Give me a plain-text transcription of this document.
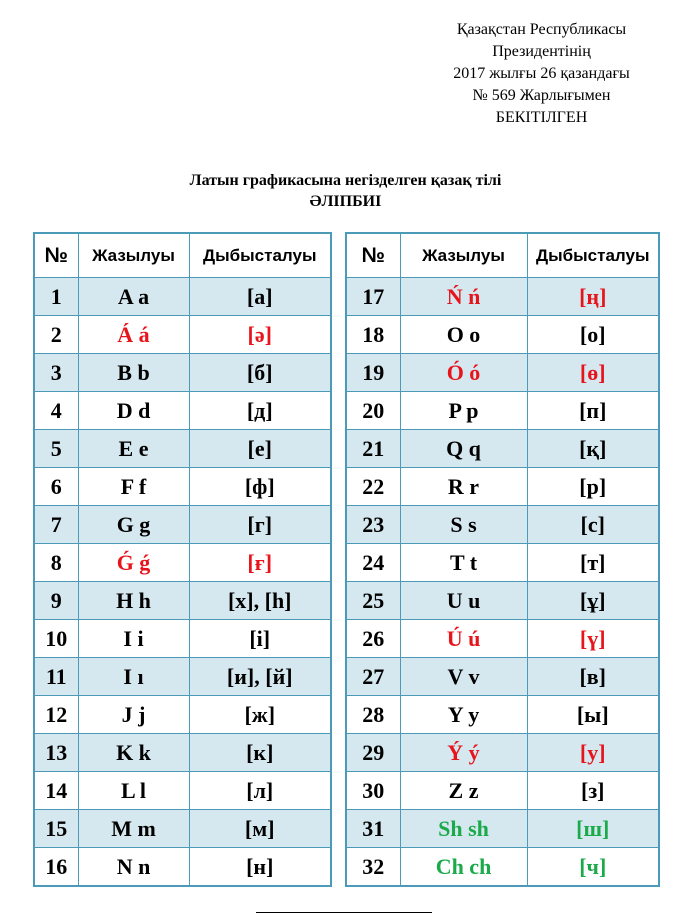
Қазақстан Республикасы
Президентінің
2017 жылғы 26 қазандағы
№ 569 Жарлығымен
БЕКІТІЛГЕН
Латын графикасына негізделген қазақ тілі
ӘЛІПБИІ
№	Жазылуы	Дыбысталуы
1	A a	[а]
2	Á á	[ә]
3	B b	[б]
4	D d	[д]
5	E e	[е]
6	F f	[ф]
7	G g	[г]
8	Ǵ ǵ	[ғ]
9	H h	[х], [һ]
10	I i	[і]
11	I ı	[и], [й]
12	J j	[ж]
13	K k	[к]
14	L l	[л]
15	M m	[м]
16	N n	[н]
№	Жазылуы	Дыбысталуы
17	Ń ń	[ң]
18	O o	[о]
19	Ó ó	[ө]
20	P p	[п]
21	Q q	[қ]
22	R r	[р]
23	S s	[с]
24	T t	[т]
25	U u	[ұ]
26	Ú ú	[ү]
27	V v	[в]
28	Y y	[ы]
29	Ý ý	[у]
30	Z z	[з]
31	Sh sh	[ш]
32	Ch ch	[ч]
